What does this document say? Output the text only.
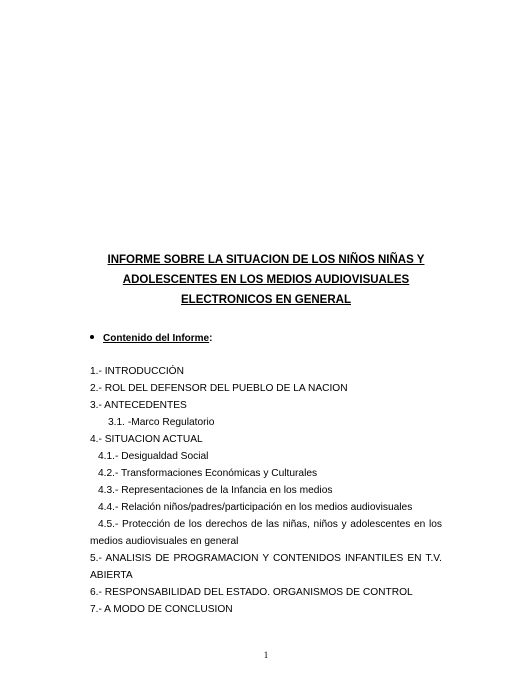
INFORME SOBRE LA SITUACION DE LOS NIÑOS NIÑAS Y
ADOLESCENTES EN LOS MEDIOS AUDIOVISUALES
ELECTRONICOS EN GENERAL
Contenido del Informe:
1.- INTRODUCCIÓN
2.- ROL DEL DEFENSOR DEL PUEBLO DE LA NACION
3.- ANTECEDENTES
3.1. -Marco Regulatorio
4.- SITUACION ACTUAL
4.1.- Desigualdad Social
4.2.- Transformaciones Económicas y Culturales
4.3.- Representaciones de la Infancia en los medios
4.4.- Relación niños/padres/participación en los medios audiovisuales
4.5.- Protección de los derechos de las niñas, niños y adolescentes en los
medios audiovisuales en general
5.- ANALISIS DE PROGRAMACION Y CONTENIDOS INFANTILES EN T.V.
ABIERTA
6.- RESPONSABILIDAD DEL ESTADO. ORGANISMOS DE CONTROL
7.- A MODO DE CONCLUSION
1
